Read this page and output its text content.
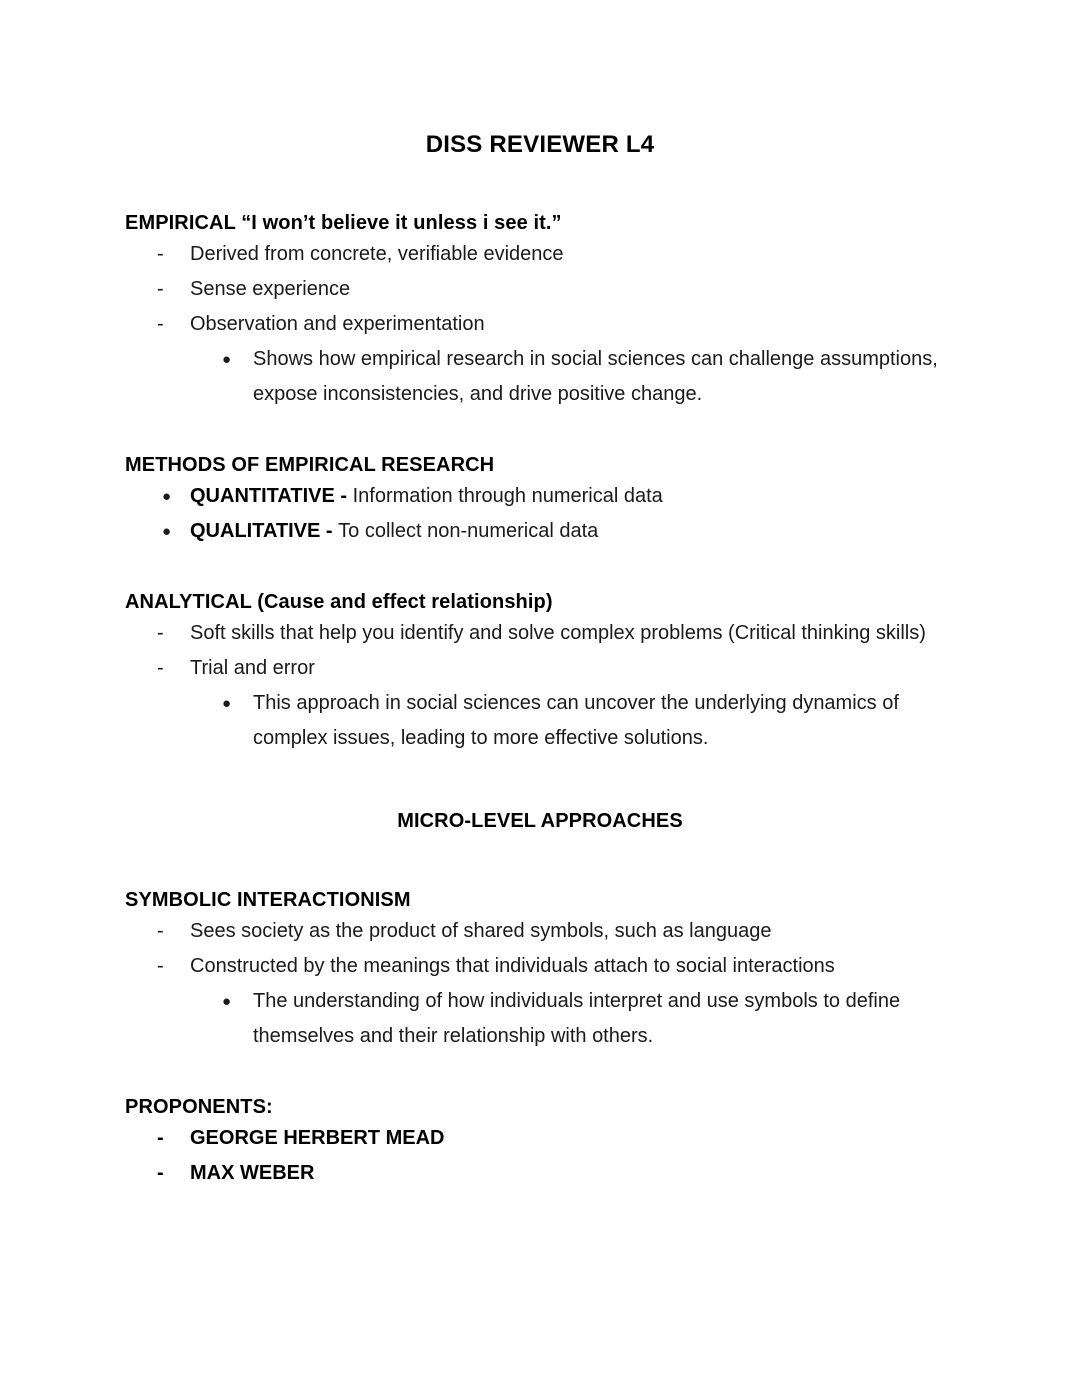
DISS REVIEWER L4
EMPIRICAL “I won’t believe it unless i see it.”
- Derived from concrete, verifiable evidence
- Sense experience
- Observation and experimentation
● Shows how empirical research in social sciences can challenge assumptions, expose inconsistencies, and drive positive change.
METHODS OF EMPIRICAL RESEARCH
● QUANTITATIVE - Information through numerical data
● QUALITATIVE - To collect non-numerical data
ANALYTICAL (Cause and effect relationship)
- Soft skills that help you identify and solve complex problems (Critical thinking skills)
- Trial and error
● This approach in social sciences can uncover the underlying dynamics of complex issues, leading to more effective solutions.
MICRO-LEVEL APPROACHES
SYMBOLIC INTERACTIONISM
- Sees society as the product of shared symbols, such as language
- Constructed by the meanings that individuals attach to social interactions
● The understanding of how individuals interpret and use symbols to define themselves and their relationship with others.
PROPONENTS:
- GEORGE HERBERT MEAD
- MAX WEBER
